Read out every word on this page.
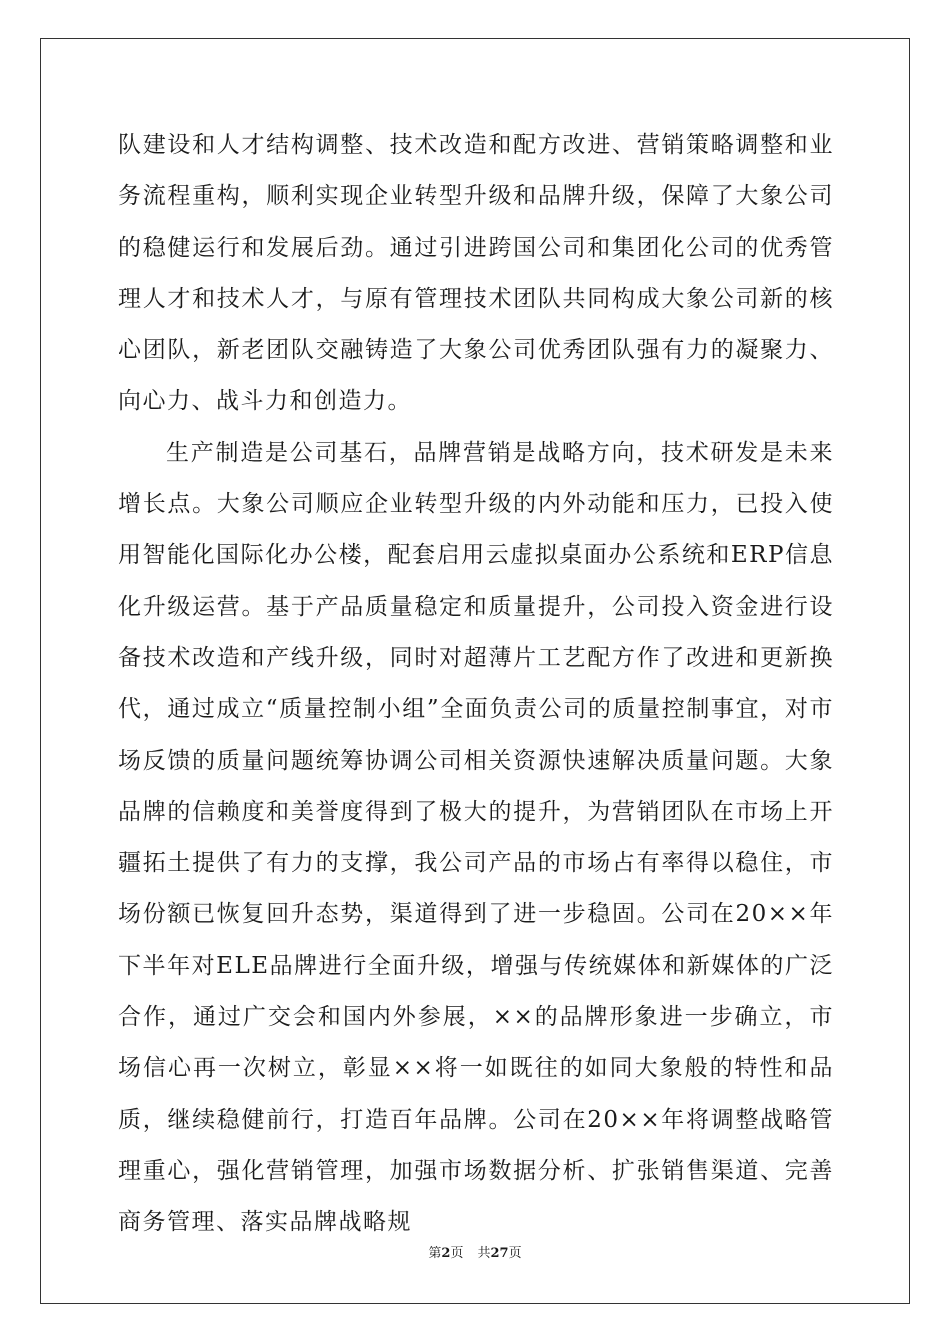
队建设和人才结构调整、技术改造和配方改进、营销策略调整和业务流程重构，顺利实现企业转型升级和品牌升级，保障了大象公司的稳健运行和发展后劲。通过引进跨国公司和集团化公司的优秀管理人才和技术人才，与原有管理技术团队共同构成大象公司新的核心团队，新老团队交融铸造了大象公司优秀团队强有力的凝聚力、向心力、战斗力和创造力。

生产制造是公司基石，品牌营销是战略方向，技术研发是未来增长点。大象公司顺应企业转型升级的内外动能和压力，已投入使用智能化国际化办公楼，配套启用云虚拟桌面办公系统和ERP信息化升级运营。基于产品质量稳定和质量提升，公司投入资金进行设备技术改造和产线升级，同时对超薄片工艺配方作了改进和更新换代，通过成立“质量控制小组”全面负责公司的质量控制事宜，对市场反馈的质量问题统筹协调公司相关资源快速解决质量问题。大象品牌的信赖度和美誉度得到了极大的提升，为营销团队在市场上开疆拓土提供了有力的支撑，我公司产品的市场占有率得以稳住，市场份额已恢复回升态势，渠道得到了进一步稳固。公司在20××年下半年对ELE品牌进行全面升级，增强与传统媒体和新媒体的广泛合作，通过广交会和国内外参展，××的品牌形象进一步确立，市场信心再一次树立，彰显××将一如既往的如同大象般的特性和品质，继续稳健前行，打造百年品牌。公司在20××年将调整战略管理重心，强化营销管理，加强市场数据分析、扩张销售渠道、完善商务管理、落实品牌战略规

第2页 共27页
